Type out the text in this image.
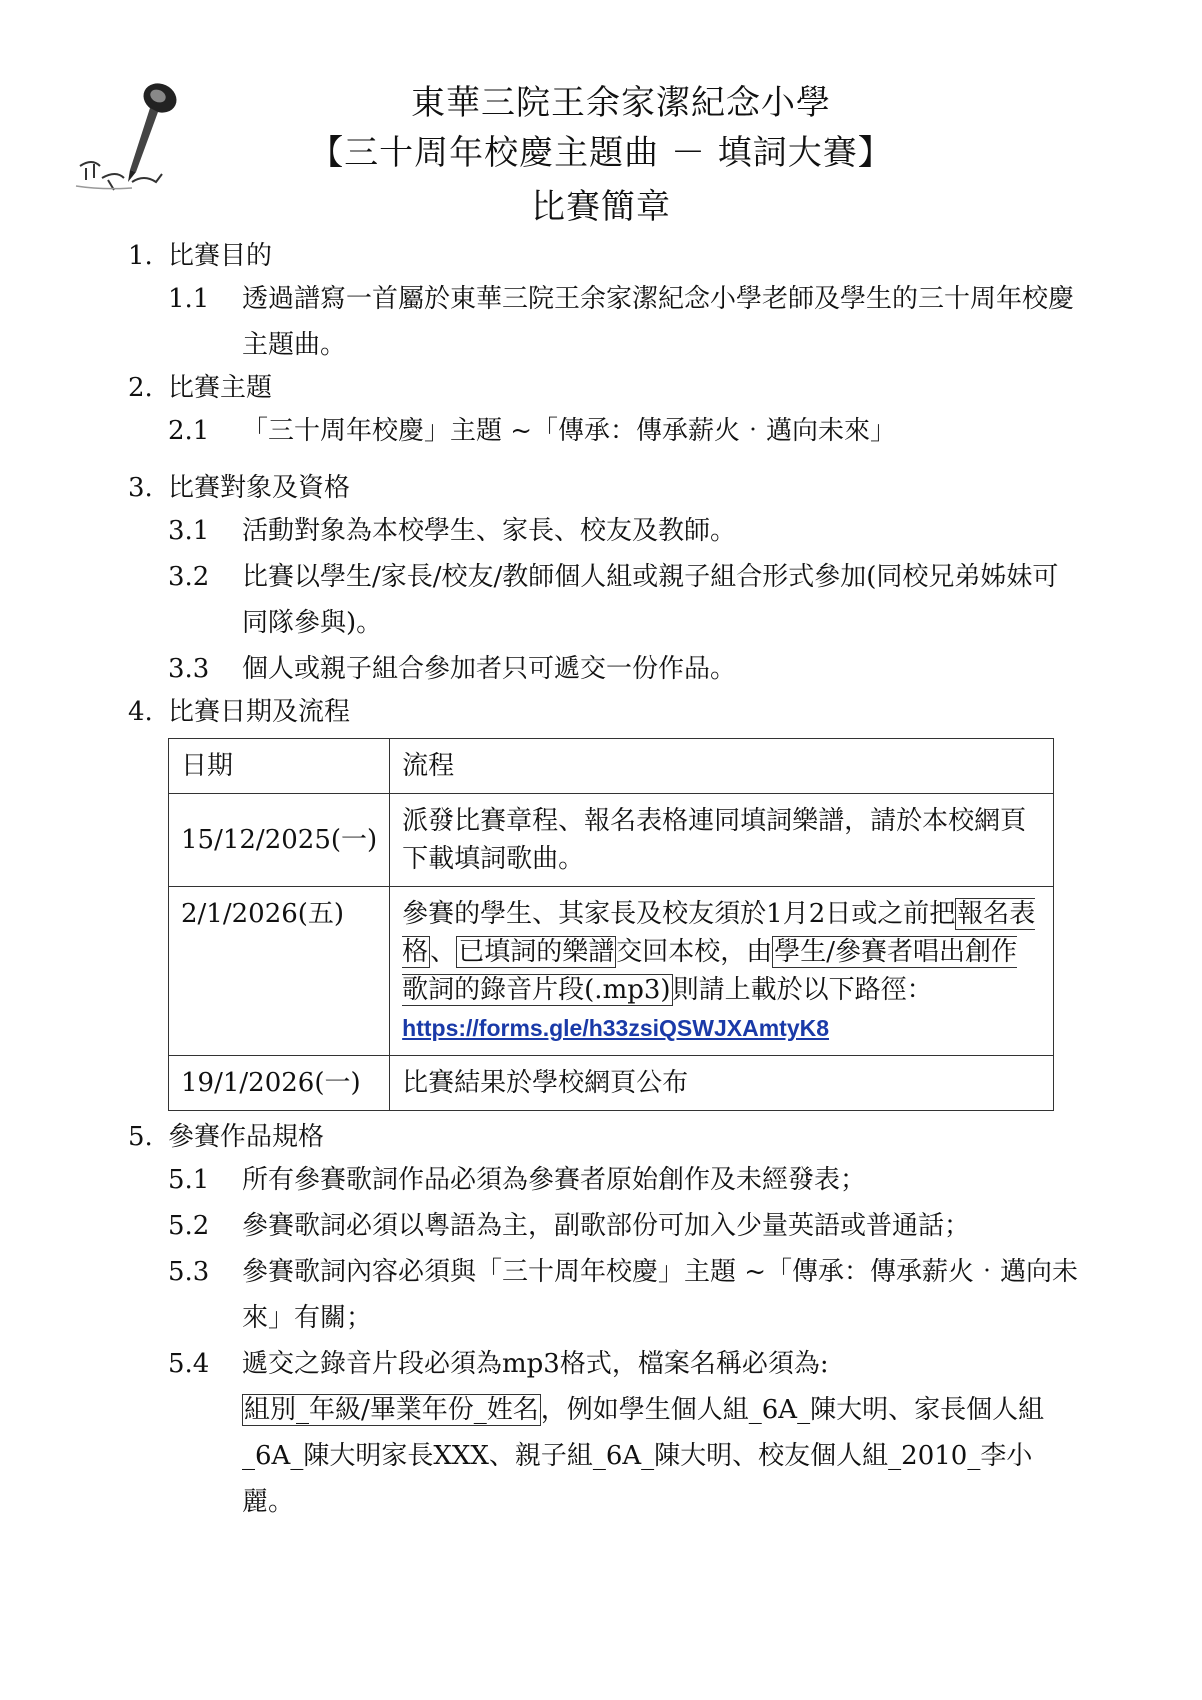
東華三院王余家潔紀念小學

【三十周年校慶主題曲 － 填詞大賽】

比賽簡章

1. 比賽目的
1.1	透過譜寫一首屬於東華三院王余家潔紀念小學老師及學生的三十周年校慶主題曲。
2. 比賽主題
2.1	「三十周年校慶」主題 ~「傳承：傳承薪火‧邁向未來」
3. 比賽對象及資格
3.1	活動對象為本校學生、家長、校友及教師。
3.2	比賽以學生/家長/校友/教師個人組或親子組合形式參加(同校兄弟姊妹可同隊參與)。
3.3	個人或親子組合參加者只可遞交一份作品。
4. 比賽日期及流程
日期	流程
15/12/2025(一)	派發比賽章程、報名表格連同填詞樂譜，請於本校網頁下載填詞歌曲。
2/1/2026(五)	參賽的學生、其家長及校友須於1月2日或之前把報名表格、已填詞的樂譜交回本校，由學生/參賽者唱出創作歌詞的錄音片段(.mp3)則請上載於以下路徑：
https://forms.gle/h33zsiQSWJXAmtyK8
19/1/2026(一)	比賽結果於學校網頁公布
5. 參賽作品規格
5.1	所有參賽歌詞作品必須為參賽者原始創作及未經發表；
5.2	參賽歌詞必須以粵語為主，副歌部份可加入少量英語或普通話；
5.3	參賽歌詞內容必須與「三十周年校慶」主題 ~「傳承：傳承薪火‧邁向未來」有關；
5.4	遞交之錄音片段必須為mp3格式，檔案名稱必須為:
組別_年級/畢業年份_姓名，例如學生個人組_6A_陳大明、家長個人組_6A_陳大明家長XXX、親子組_6A_陳大明、校友個人組_2010_李小麗。
